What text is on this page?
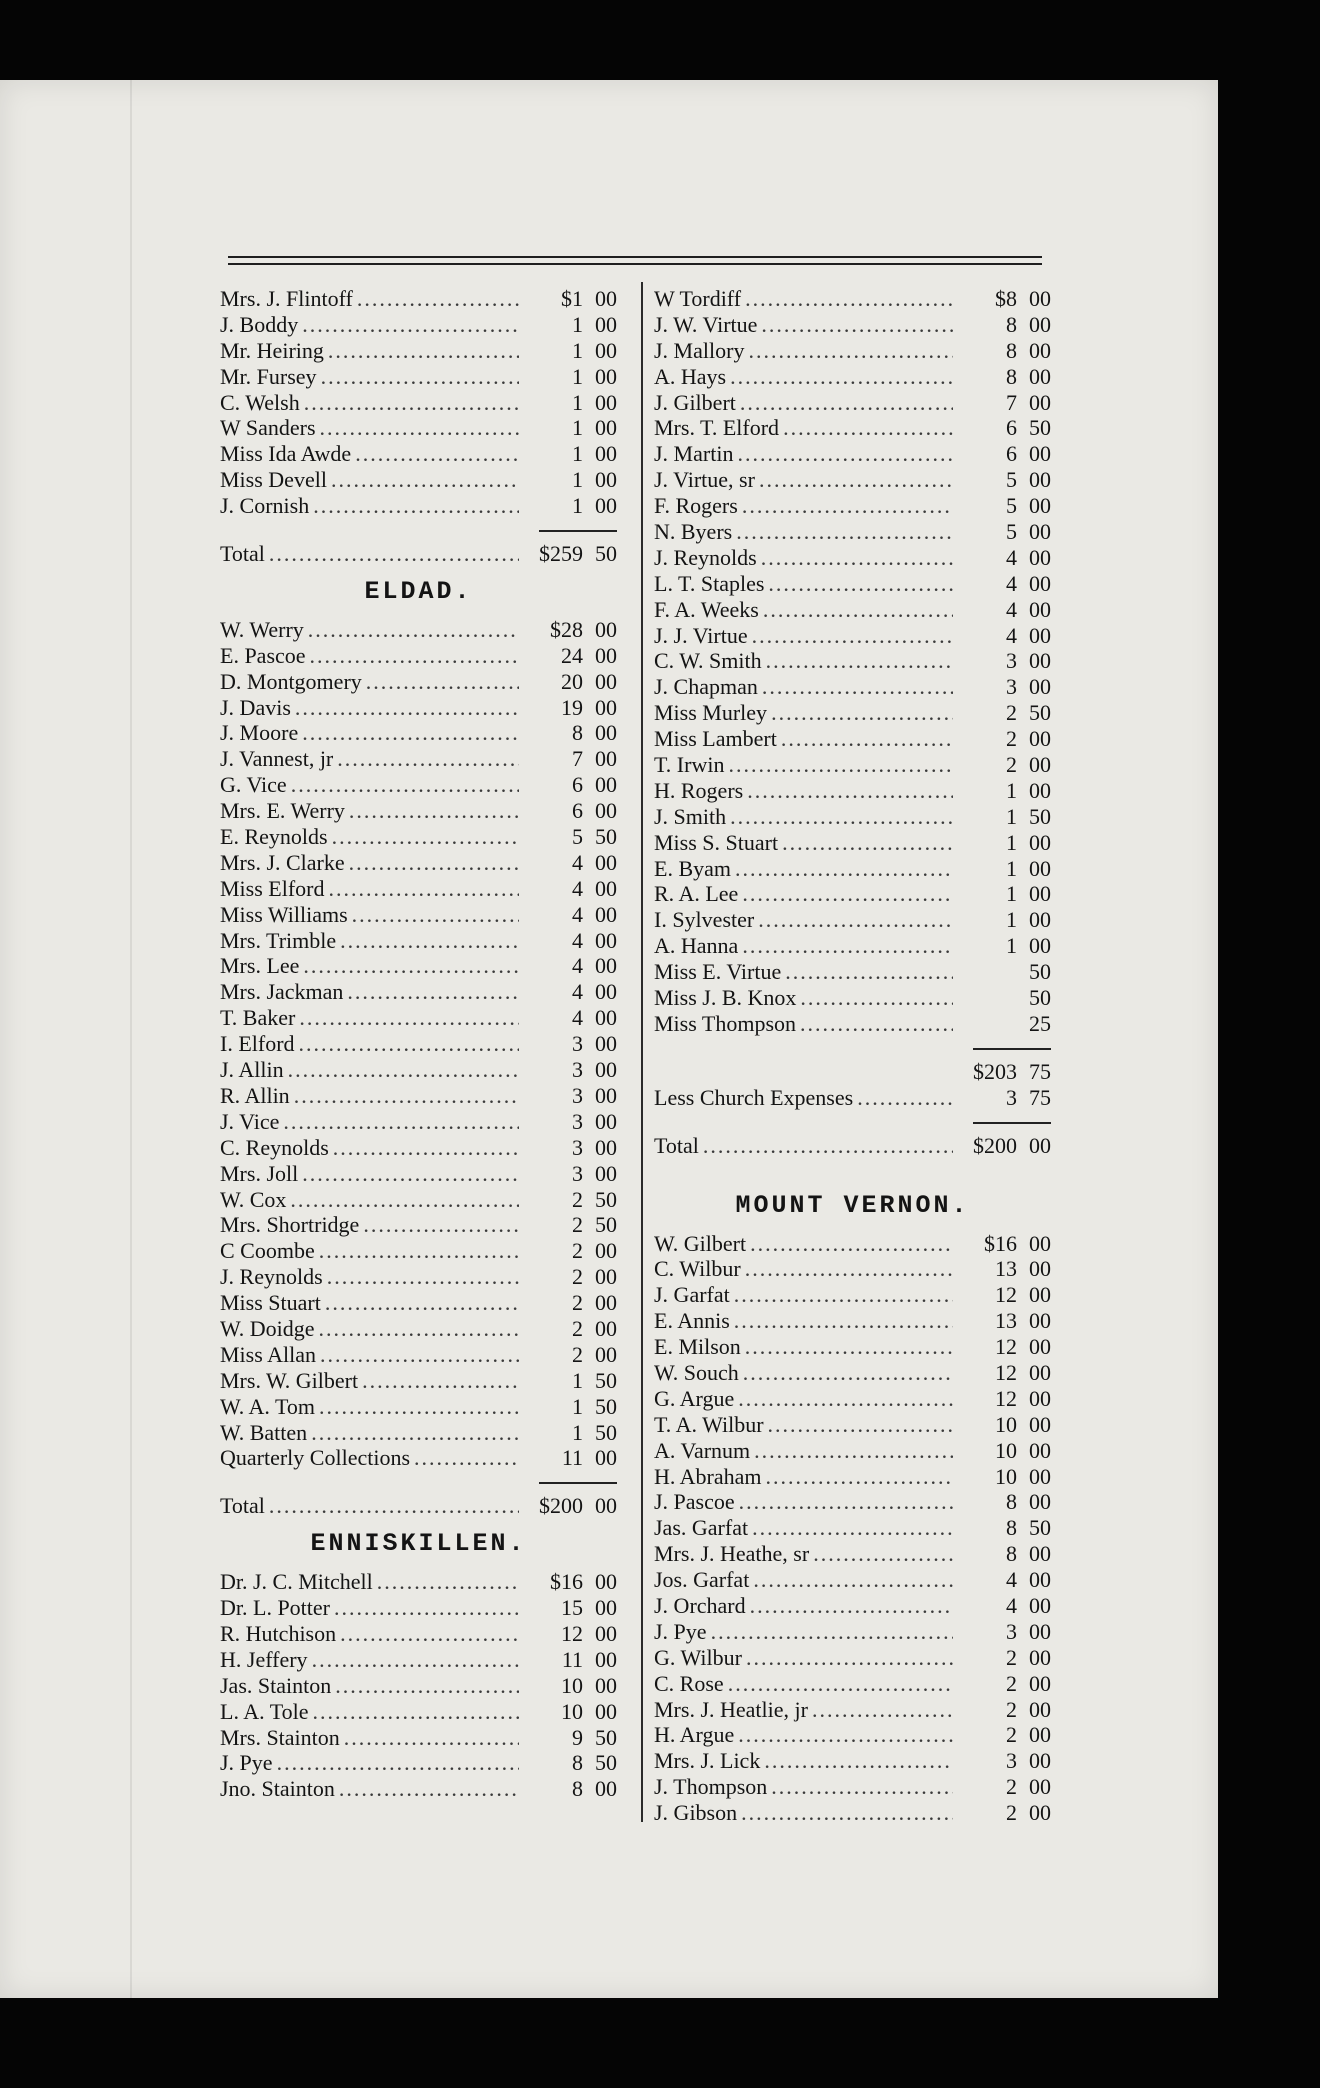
Mrs. J. Flintoff .....	$1 00
J. Boddy .....	1 00
Mr. Heiring .....	1 00
Mr. Fursey .....	1 00
C. Welsh .....	1 00
W Sanders .....	1 00
Miss Ida Awde .....	1 00
Miss Devell .....	1 00
J. Cornish .....	1 00
Total .....	$259 50
ELDAD.
W. Werry .....	$28 00
E. Pascoe .....	24 00
D. Montgomery .....	20 00
J. Davis .....	19 00
J. Moore .....	8 00
J. Vannest, jr .....	7 00
G. Vice .....	6 00
Mrs. E. Werry .....	6 00
E. Reynolds .....	5 50
Mrs. J. Clarke .....	4 00
Miss Elford .....	4 00
Miss Williams .....	4 00
Mrs. Trimble .....	4 00
Mrs. Lee .....	4 00
Mrs. Jackman .....	4 00
T. Baker .....	4 00
I. Elford .....	3 00
J. Allin .....	3 00
R. Allin .....	3 00
J. Vice .....	3 00
C. Reynolds .....	3 00
Mrs. Joll .....	3 00
W. Cox .....	2 50
Mrs. Shortridge .....	2 50
C Coombe .....	2 00
J. Reynolds .....	2 00
Miss Stuart .....	2 00
W. Doidge .....	2 00
Miss Allan .....	2 00
Mrs. W. Gilbert .....	1 50
W. A. Tom .....	1 50
W. Batten .....	1 50
Quarterly Collections .....	11 00
Total .....	$200 00
ENNISKILLEN.
Dr. J. C. Mitchell .....	$16 00
Dr. L. Potter .....	15 00
R. Hutchison .....	12 00
H. Jeffery .....	11 00
Jas. Stainton .....	10 00
L. A. Tole .....	10 00
Mrs. Stainton .....	9 50
J. Pye .....	8 50
Jno. Stainton .....	8 00
W Tordiff .....	$8 00
J. W. Virtue .....	8 00
J. Mallory .....	8 00
A. Hays .....	8 00
J. Gilbert .....	7 00
Mrs. T. Elford .....	6 50
J. Martin .....	6 00
J. Virtue, sr .....	5 00
F. Rogers .....	5 00
N. Byers .....	5 00
J. Reynolds .....	4 00
L. T. Staples .....	4 00
F. A. Weeks .....	4 00
J. J. Virtue .....	4 00
C. W. Smith .....	3 00
J. Chapman .....	3 00
Miss Murley .....	2 50
Miss Lambert .....	2 00
T. Irwin .....	2 00
H. Rogers .....	1 00
J. Smith .....	1 50
Miss S. Stuart .....	1 00
E. Byam .....	1 00
R. A. Lee .....	1 00
I. Sylvester .....	1 00
A. Hanna .....	1 00
Miss E. Virtue .....	50
Miss J. B. Knox .....	50
Miss Thompson .....	25
$203 75
Less Church Expenses .....	3 75
Total .....	$200 00
MOUNT VERNON.
W. Gilbert .....	$16 00
C. Wilbur .....	13 00
J. Garfat .....	12 00
E. Annis .....	13 00
E. Milson .....	12 00
W. Souch .....	12 00
G. Argue .....	12 00
T. A. Wilbur .....	10 00
A. Varnum .....	10 00
H. Abraham .....	10 00
J. Pascoe .....	8 00
Jas. Garfat .....	8 50
Mrs. J. Heathe, sr .....	8 00
Jos. Garfat .....	4 00
J. Orchard .....	4 00
J. Pye .....	3 00
G. Wilbur .....	2 00
C. Rose .....	2 00
Mrs. J. Heatlie, jr .....	2 00
H. Argue .....	2 00
Mrs. J. Lick .....	3 00
J. Thompson .....	2 00
J. Gibson .....	2 00
